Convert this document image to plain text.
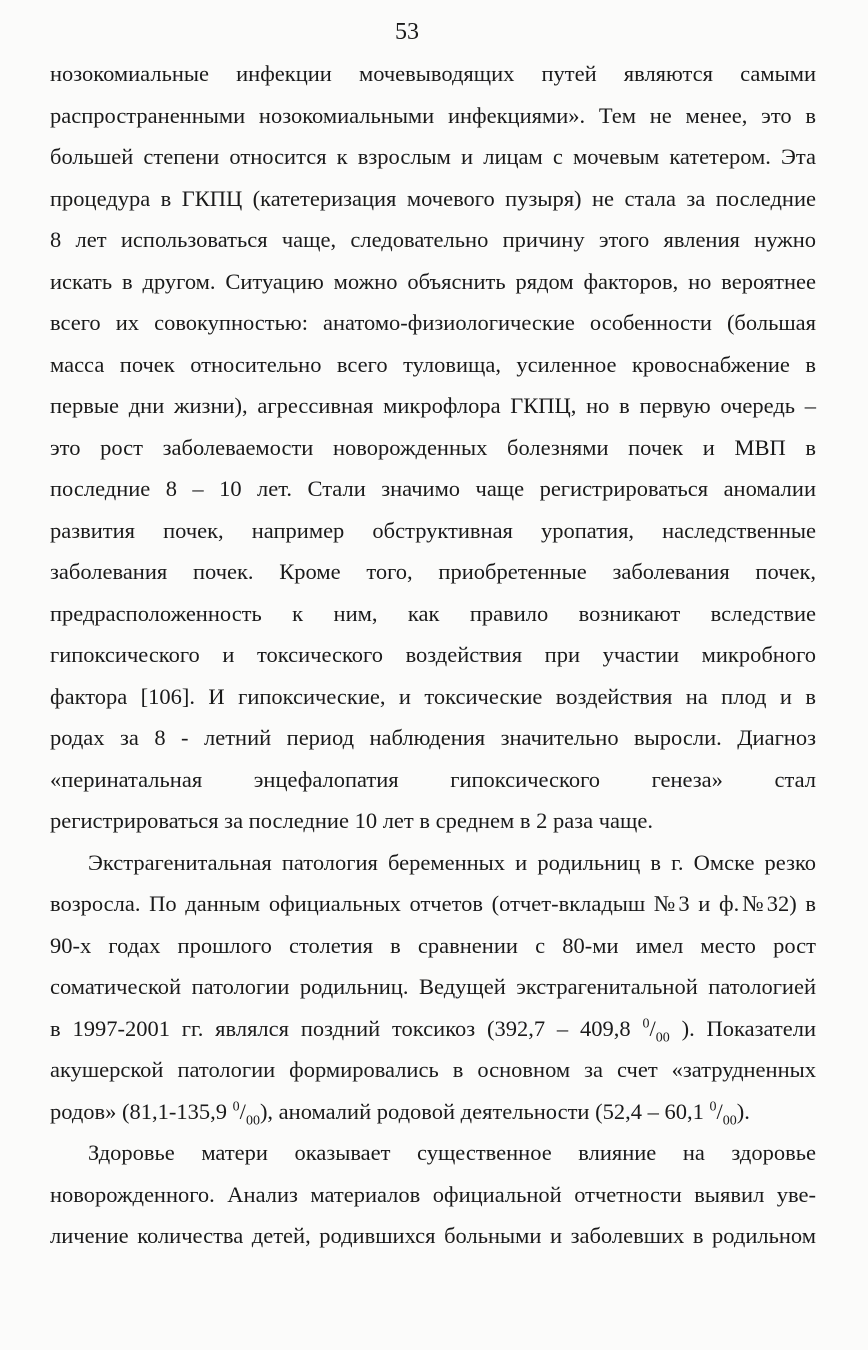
53
нозокомиальные инфекции мочевыводящих путей являются самыми
распространенными нозокомиальными инфекциями». Тем не менее, это в
большей степени относится к взрослым и лицам с мочевым катетером. Эта
процедура в ГКПЦ (катетеризация мочевого пузыря) не стала за последние
8 лет использоваться чаще, следовательно причину этого явления нужно
искать в другом. Ситуацию можно объяснить рядом факторов, но вероятнее
всего их совокупностью: анатомо-физиологические особенности (большая
масса почек относительно всего туловища, усиленное кровоснабжение в
первые дни жизни), агрессивная микрофлора ГКПЦ, но в первую очередь –
это рост заболеваемости новорожденных болезнями почек и МВП в
последние 8 – 10 лет. Стали значимо чаще регистрироваться аномалии
развития почек, например обструктивная уропатия, наследственные
заболевания почек. Кроме того, приобретенные заболевания почек,
предрасположенность к ним, как правило возникают вследствие
гипоксического и токсического воздействия при участии микробного
фактора [106]. И гипоксические, и токсические воздействия на плод и в
родах за 8 - летний период наблюдения значительно выросли. Диагноз
«перинатальная энцефалопатия гипоксического генеза» стал
регистрироваться за последние 10 лет в среднем в 2 раза чаще.
Экстрагенитальная патология беременных и родильниц в г. Омске резко
возросла. По данным официальных отчетов (отчет-вкладыш №3 и ф.№32) в
90-х годах прошлого столетия в сравнении с 80-ми имел место рост
соматической патологии родильниц. Ведущей экстрагенитальной патологией
в 1997-2001 гг. являлся поздний токсикоз (392,7 – 409,8 $^0/_{00}$ ). Показатели
акушерской патологии формировались в основном за счет «затрудненных
родов» (81,1-135,9 $^0/_{00}$), аномалий родовой деятельности (52,4 – 60,1 $^0/_{00}$).
Здоровье матери оказывает существенное влияние на здоровье
новорожденного. Анализ материалов официальной отчетности выявил уве-
личение количества детей, родившихся больными и заболевших в родильном
